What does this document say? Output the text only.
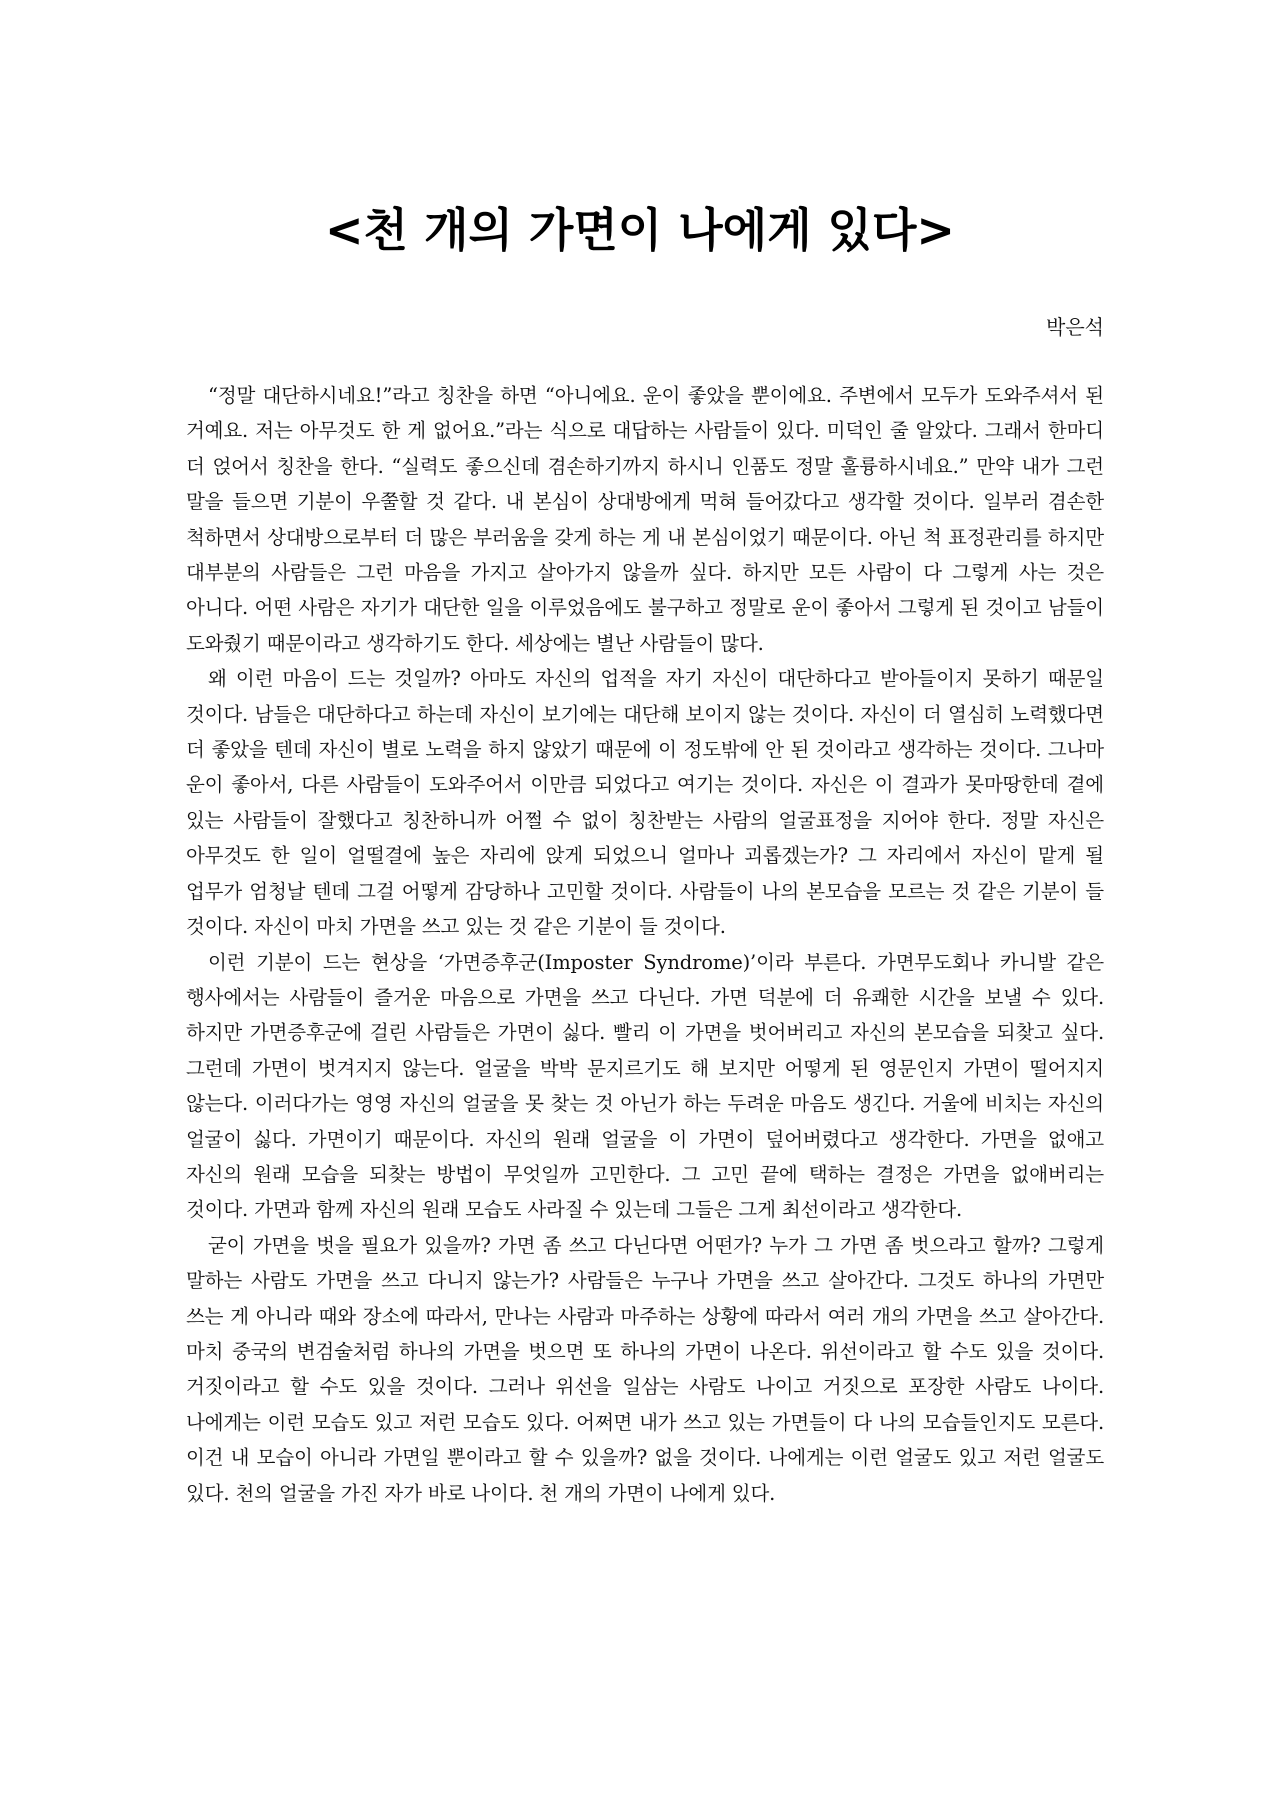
<천 개의 가면이 나에게 있다>
박은석

“정말 대단하시네요!”라고 칭찬을 하면 “아니에요. 운이 좋았을 뿐이에요. 주변에서 모두가 도와주셔서 된 거예요. 저는 아무것도 한 게 없어요.”라는 식으로 대답하는 사람들이 있다. 미덕인 줄 알았다. 그래서 한마디 더 얹어서 칭찬을 한다. “실력도 좋으신데 겸손하기까지 하시니 인품도 정말 훌륭하시네요.” 만약 내가 그런 말을 들으면 기분이 우쭐할 것 같다. 내 본심이 상대방에게 먹혀 들어갔다고 생각할 것이다. 일부러 겸손한 척하면서 상대방으로부터 더 많은 부러움을 갖게 하는 게 내 본심이었기 때문이다. 아닌 척 표정관리를 하지만 대부분의 사람들은 그런 마음을 가지고 살아가지 않을까 싶다. 하지만 모든 사람이 다 그렇게 사는 것은 아니다. 어떤 사람은 자기가 대단한 일을 이루었음에도 불구하고 정말로 운이 좋아서 그렇게 된 것이고 남들이 도와줬기 때문이라고 생각하기도 한다. 세상에는 별난 사람들이 많다.

왜 이런 마음이 드는 것일까? 아마도 자신의 업적을 자기 자신이 대단하다고 받아들이지 못하기 때문일 것이다. 남들은 대단하다고 하는데 자신이 보기에는 대단해 보이지 않는 것이다. 자신이 더 열심히 노력했다면 더 좋았을 텐데 자신이 별로 노력을 하지 않았기 때문에 이 정도밖에 안 된 것이라고 생각하는 것이다. 그나마 운이 좋아서, 다른 사람들이 도와주어서 이만큼 되었다고 여기는 것이다. 자신은 이 결과가 못마땅한데 곁에 있는 사람들이 잘했다고 칭찬하니까 어쩔 수 없이 칭찬받는 사람의 얼굴표정을 지어야 한다. 정말 자신은 아무것도 한 일이 얼떨결에 높은 자리에 앉게 되었으니 얼마나 괴롭겠는가? 그 자리에서 자신이 맡게 될 업무가 엄청날 텐데 그걸 어떻게 감당하나 고민할 것이다. 사람들이 나의 본모습을 모르는 것 같은 기분이 들 것이다. 자신이 마치 가면을 쓰고 있는 것 같은 기분이 들 것이다.

이런 기분이 드는 현상을 ‘가면증후군(Imposter Syndrome)’이라 부른다. 가면무도회나 카니발 같은 행사에서는 사람들이 즐거운 마음으로 가면을 쓰고 다닌다. 가면 덕분에 더 유쾌한 시간을 보낼 수 있다. 하지만 가면증후군에 걸린 사람들은 가면이 싫다. 빨리 이 가면을 벗어버리고 자신의 본모습을 되찾고 싶다. 그런데 가면이 벗겨지지 않는다. 얼굴을 박박 문지르기도 해 보지만 어떻게 된 영문인지 가면이 떨어지지 않는다. 이러다가는 영영 자신의 얼굴을 못 찾는 것 아닌가 하는 두려운 마음도 생긴다. 거울에 비치는 자신의 얼굴이 싫다. 가면이기 때문이다. 자신의 원래 얼굴을 이 가면이 덮어버렸다고 생각한다. 가면을 없애고 자신의 원래 모습을 되찾는 방법이 무엇일까 고민한다. 그 고민 끝에 택하는 결정은 가면을 없애버리는 것이다. 가면과 함께 자신의 원래 모습도 사라질 수 있는데 그들은 그게 최선이라고 생각한다.

굳이 가면을 벗을 필요가 있을까? 가면 좀 쓰고 다닌다면 어떤가? 누가 그 가면 좀 벗으라고 할까? 그렇게 말하는 사람도 가면을 쓰고 다니지 않는가? 사람들은 누구나 가면을 쓰고 살아간다. 그것도 하나의 가면만 쓰는 게 아니라 때와 장소에 따라서, 만나는 사람과 마주하는 상황에 따라서 여러 개의 가면을 쓰고 살아간다. 마치 중국의 변검술처럼 하나의 가면을 벗으면 또 하나의 가면이 나온다. 위선이라고 할 수도 있을 것이다. 거짓이라고 할 수도 있을 것이다. 그러나 위선을 일삼는 사람도 나이고 거짓으로 포장한 사람도 나이다. 나에게는 이런 모습도 있고 저런 모습도 있다. 어쩌면 내가 쓰고 있는 가면들이 다 나의 모습들인지도 모른다. 이건 내 모습이 아니라 가면일 뿐이라고 할 수 있을까? 없을 것이다. 나에게는 이런 얼굴도 있고 저런 얼굴도 있다. 천의 얼굴을 가진 자가 바로 나이다. 천 개의 가면이 나에게 있다.
